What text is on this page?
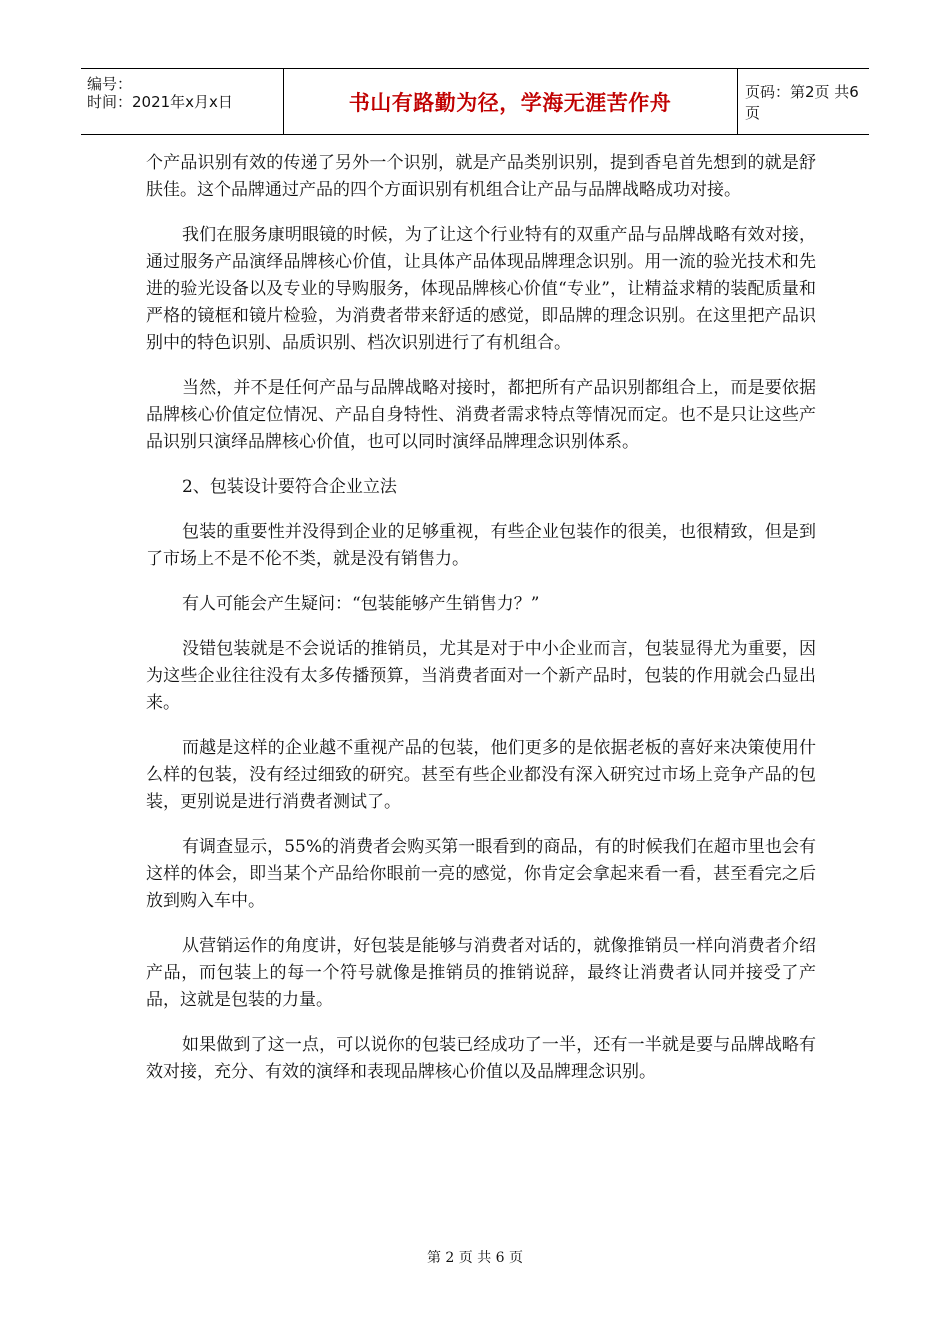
编号：
时间：2021年x月x日	书山有路勤为径，学海无涯苦作舟	页码：第2页 共6页

个产品识别有效的传递了另外一个识别，就是产品类别识别，提到香皂首先想到的就是舒肤佳。这个品牌通过产品的四个方面识别有机组合让产品与品牌战略成功对接。

我们在服务康明眼镜的时候，为了让这个行业特有的双重产品与品牌战略有效对接，通过服务产品演绎品牌核心价值，让具体产品体现品牌理念识别。用一流的验光技术和先进的验光设备以及专业的导购服务，体现品牌核心价值“专业”，让精益求精的装配质量和严格的镜框和镜片检验，为消费者带来舒适的感觉，即品牌的理念识别。在这里把产品识别中的特色识别、品质识别、档次识别进行了有机组合。

当然，并不是任何产品与品牌战略对接时，都把所有产品识别都组合上，而是要依据品牌核心价值定位情况、产品自身特性、消费者需求特点等情况而定。也不是只让这些产品识别只演绎品牌核心价值，也可以同时演绎品牌理念识别体系。

2、包装设计要符合企业立法

包装的重要性并没得到企业的足够重视，有些企业包装作的很美，也很精致，但是到了市场上不是不伦不类，就是没有销售力。

有人可能会产生疑问：“包装能够产生销售力？”

没错包装就是不会说话的推销员，尤其是对于中小企业而言，包装显得尤为重要，因为这些企业往往没有太多传播预算，当消费者面对一个新产品时，包装的作用就会凸显出来。

而越是这样的企业越不重视产品的包装，他们更多的是依据老板的喜好来决策使用什么样的包装，没有经过细致的研究。甚至有些企业都没有深入研究过市场上竞争产品的包装，更别说是进行消费者测试了。

有调查显示，55%的消费者会购买第一眼看到的商品，有的时候我们在超市里也会有这样的体会，即当某个产品给你眼前一亮的感觉，你肯定会拿起来看一看，甚至看完之后放到购入车中。

从营销运作的角度讲，好包装是能够与消费者对话的，就像推销员一样向消费者介绍产品，而包装上的每一个符号就像是推销员的推销说辞，最终让消费者认同并接受了产品，这就是包装的力量。

如果做到了这一点，可以说你的包装已经成功了一半，还有一半就是要与品牌战略有效对接，充分、有效的演绎和表现品牌核心价值以及品牌理念识别。

第 2 页 共 6 页
